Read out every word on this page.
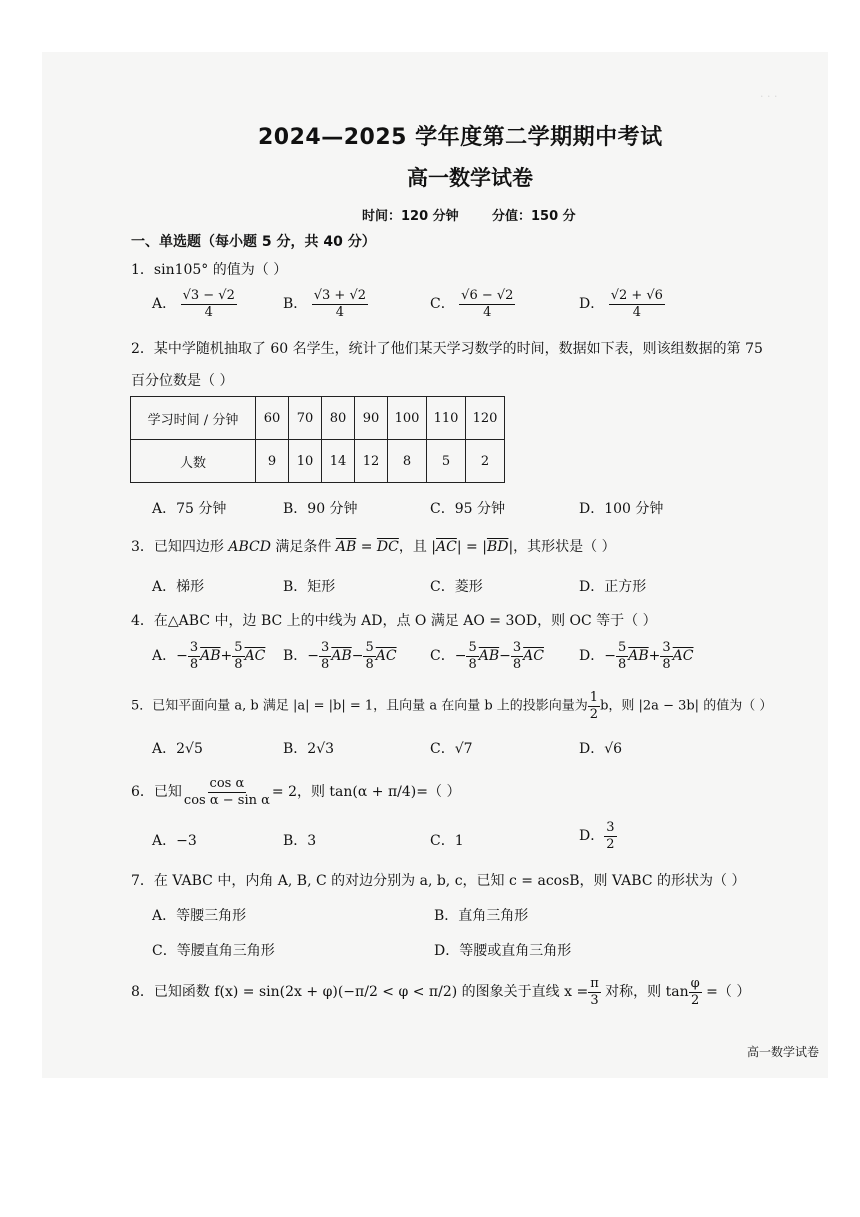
· · ·
2024—2025 学年度第二学期期中考试
高一数学试卷
时间：120 分钟	分值：150 分
一、单选题（每小题 5 分，共 40 分）
1．sin105° 的值为（ ）
A． $\frac{√3 - √2}{4}$	B． $\frac{√3 + √2}{4}$	C． $\frac{√6 - √2}{4}$	D． $\frac{√2 + √6}{4}$
2．某中学随机抽取了 60 名学生，统计了他们某天学习数学的时间，数据如下表，则该组数据的第 75
百分位数是（ ）
学习时间 / 分钟	60	70	80	90	100	110	120
人数	9	10	14	12	8	5	2
A．75 分钟	B．90 分钟	C．95 分钟	D．100 分钟
3．已知四边形 ABCD 满足条件 $\overline{AB} = \overline{DC}$，且 $|\overline{AC}| = |\overline{BD}|$，其形状是（ ）
A．梯形	B．矩形	C．菱形	D．正方形
4．在△ABC 中，边 BC 上的中线为 AD，点 O 满足 AO = 3OD，则 OC 等于（ ）
A．− $\frac{3}{8} \overline{AB}+ \frac{5}{8} \overline{AC}$ B．− $\frac{3}{8} \overline{AB}- \frac{5}{8} \overline{AC}$ C．− $\frac{5}{8} \overline{AB}- \frac{3}{8} \overline{AC}$	D．− $\frac{5}{8} \overline{AB}+ \frac{3}{8} \overline{AC}$
5．已知平面向量 a, b 满足 |a| = |b| = 1，且向量 a 在向量 b 上的投影向量为 $\frac{1}{2}$ b，则 |2a − 3b| 的值为（ ）
A．2√5	B．2√3	C．√7	D．√6
6．已知 $\frac{\text{cos α}}{\text{cos α − sin α}} = 2$，则 tan(α + π/4)=（ ）
A．−3	B．3	C．1	D． $\frac{3}{2}$
7．在 VABC 中，内角 A, B, C 的对边分别为 a, b, c，已知 c = acosB，则 VABC 的形状为（ ）
A．等腰三角形	B．直角三角形
C．等腰直角三角形	D．等腰或直角三角形
8．已知函数 f(x) = sin(2x + φ)(−π/2 < φ < π/2) 的图象关于直线 $x = \frac{\pi}{3}$ 对称，则 $\tan \frac{\varphi}{2}$ =（ ）
高一数学试卷
